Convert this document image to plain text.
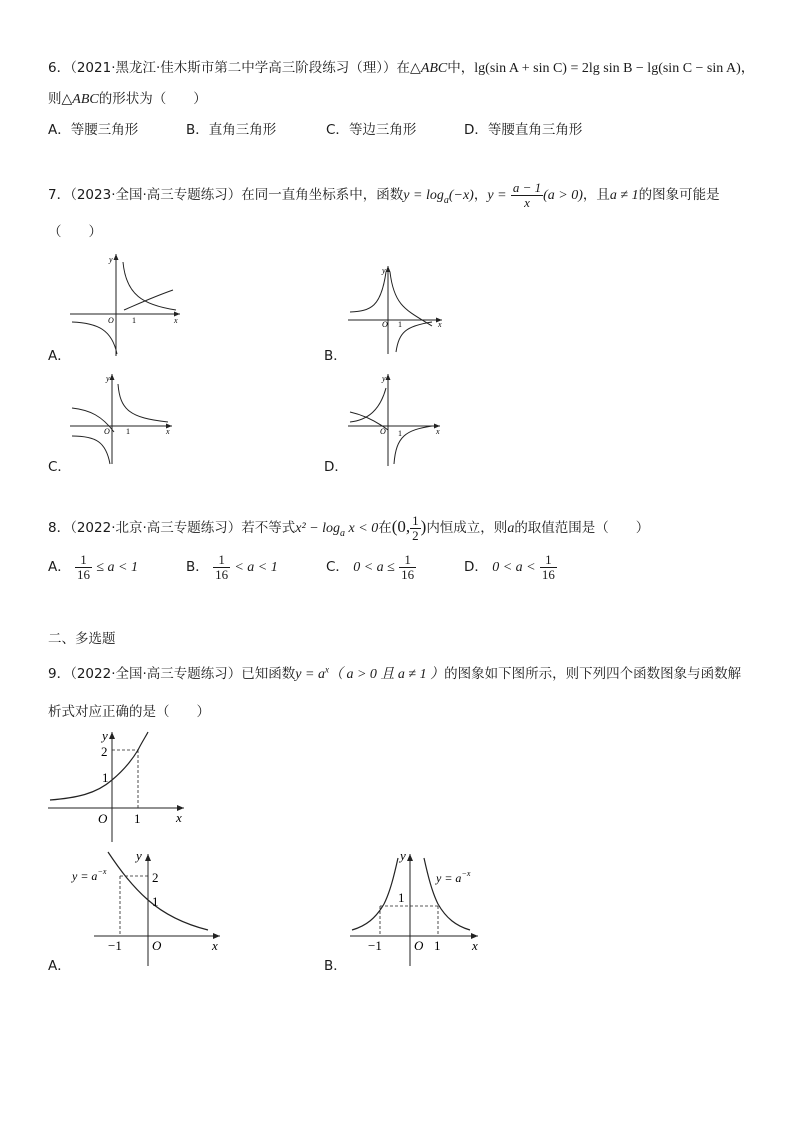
6．（2021·黑龙江·佳木斯市第二中学高三阶段练习（理））在△ABC中，lg(sin A + sin C) = 2lg sin B − lg(sin C − sin A)，
则△ABC的形状为（　　）
A．等腰三角形	B．直角三角形	C．等边三角形	D．等腰直角三角形
7．（2023·全国·高三专题练习）在同一直角坐标系中，函数$y = \log_a(-x)$，$y = \frac{a - 1}{x} (a > 0)$，且a ≠ 1的图象可能是
（　　）
y
x
O 1
A．
y
x
O 1
B．
y
x
O 1
C．
y
x
O 1
D．
8．（2022·北京·高三专题练习）若不等式$x^2 - \log_a x < 0$在(0, $\frac{1}{2}$ )内恒成立，则a的取值范围是（　　）
A． $\frac{1}{16} \le a < 1$	B． $\frac{1}{16} < a < 1$	C． $0 < a \le \frac{1}{16}$	D． $0 < a < \frac{1}{16}$
二、多选题
9．（2022·全国·高三专题练习）已知函数$y = a^x$（ a > 0 且 a ≠ 1 ）的图象如下图所示，则下列四个函数图象与函数解
析式对应正确的是（　　）
y
x
O
2
1
1
$y = a^{-x}$
y
x
O
2
1
−1
A．
$y = a^{-x}$
y
x
O
1
−1	1
B．
